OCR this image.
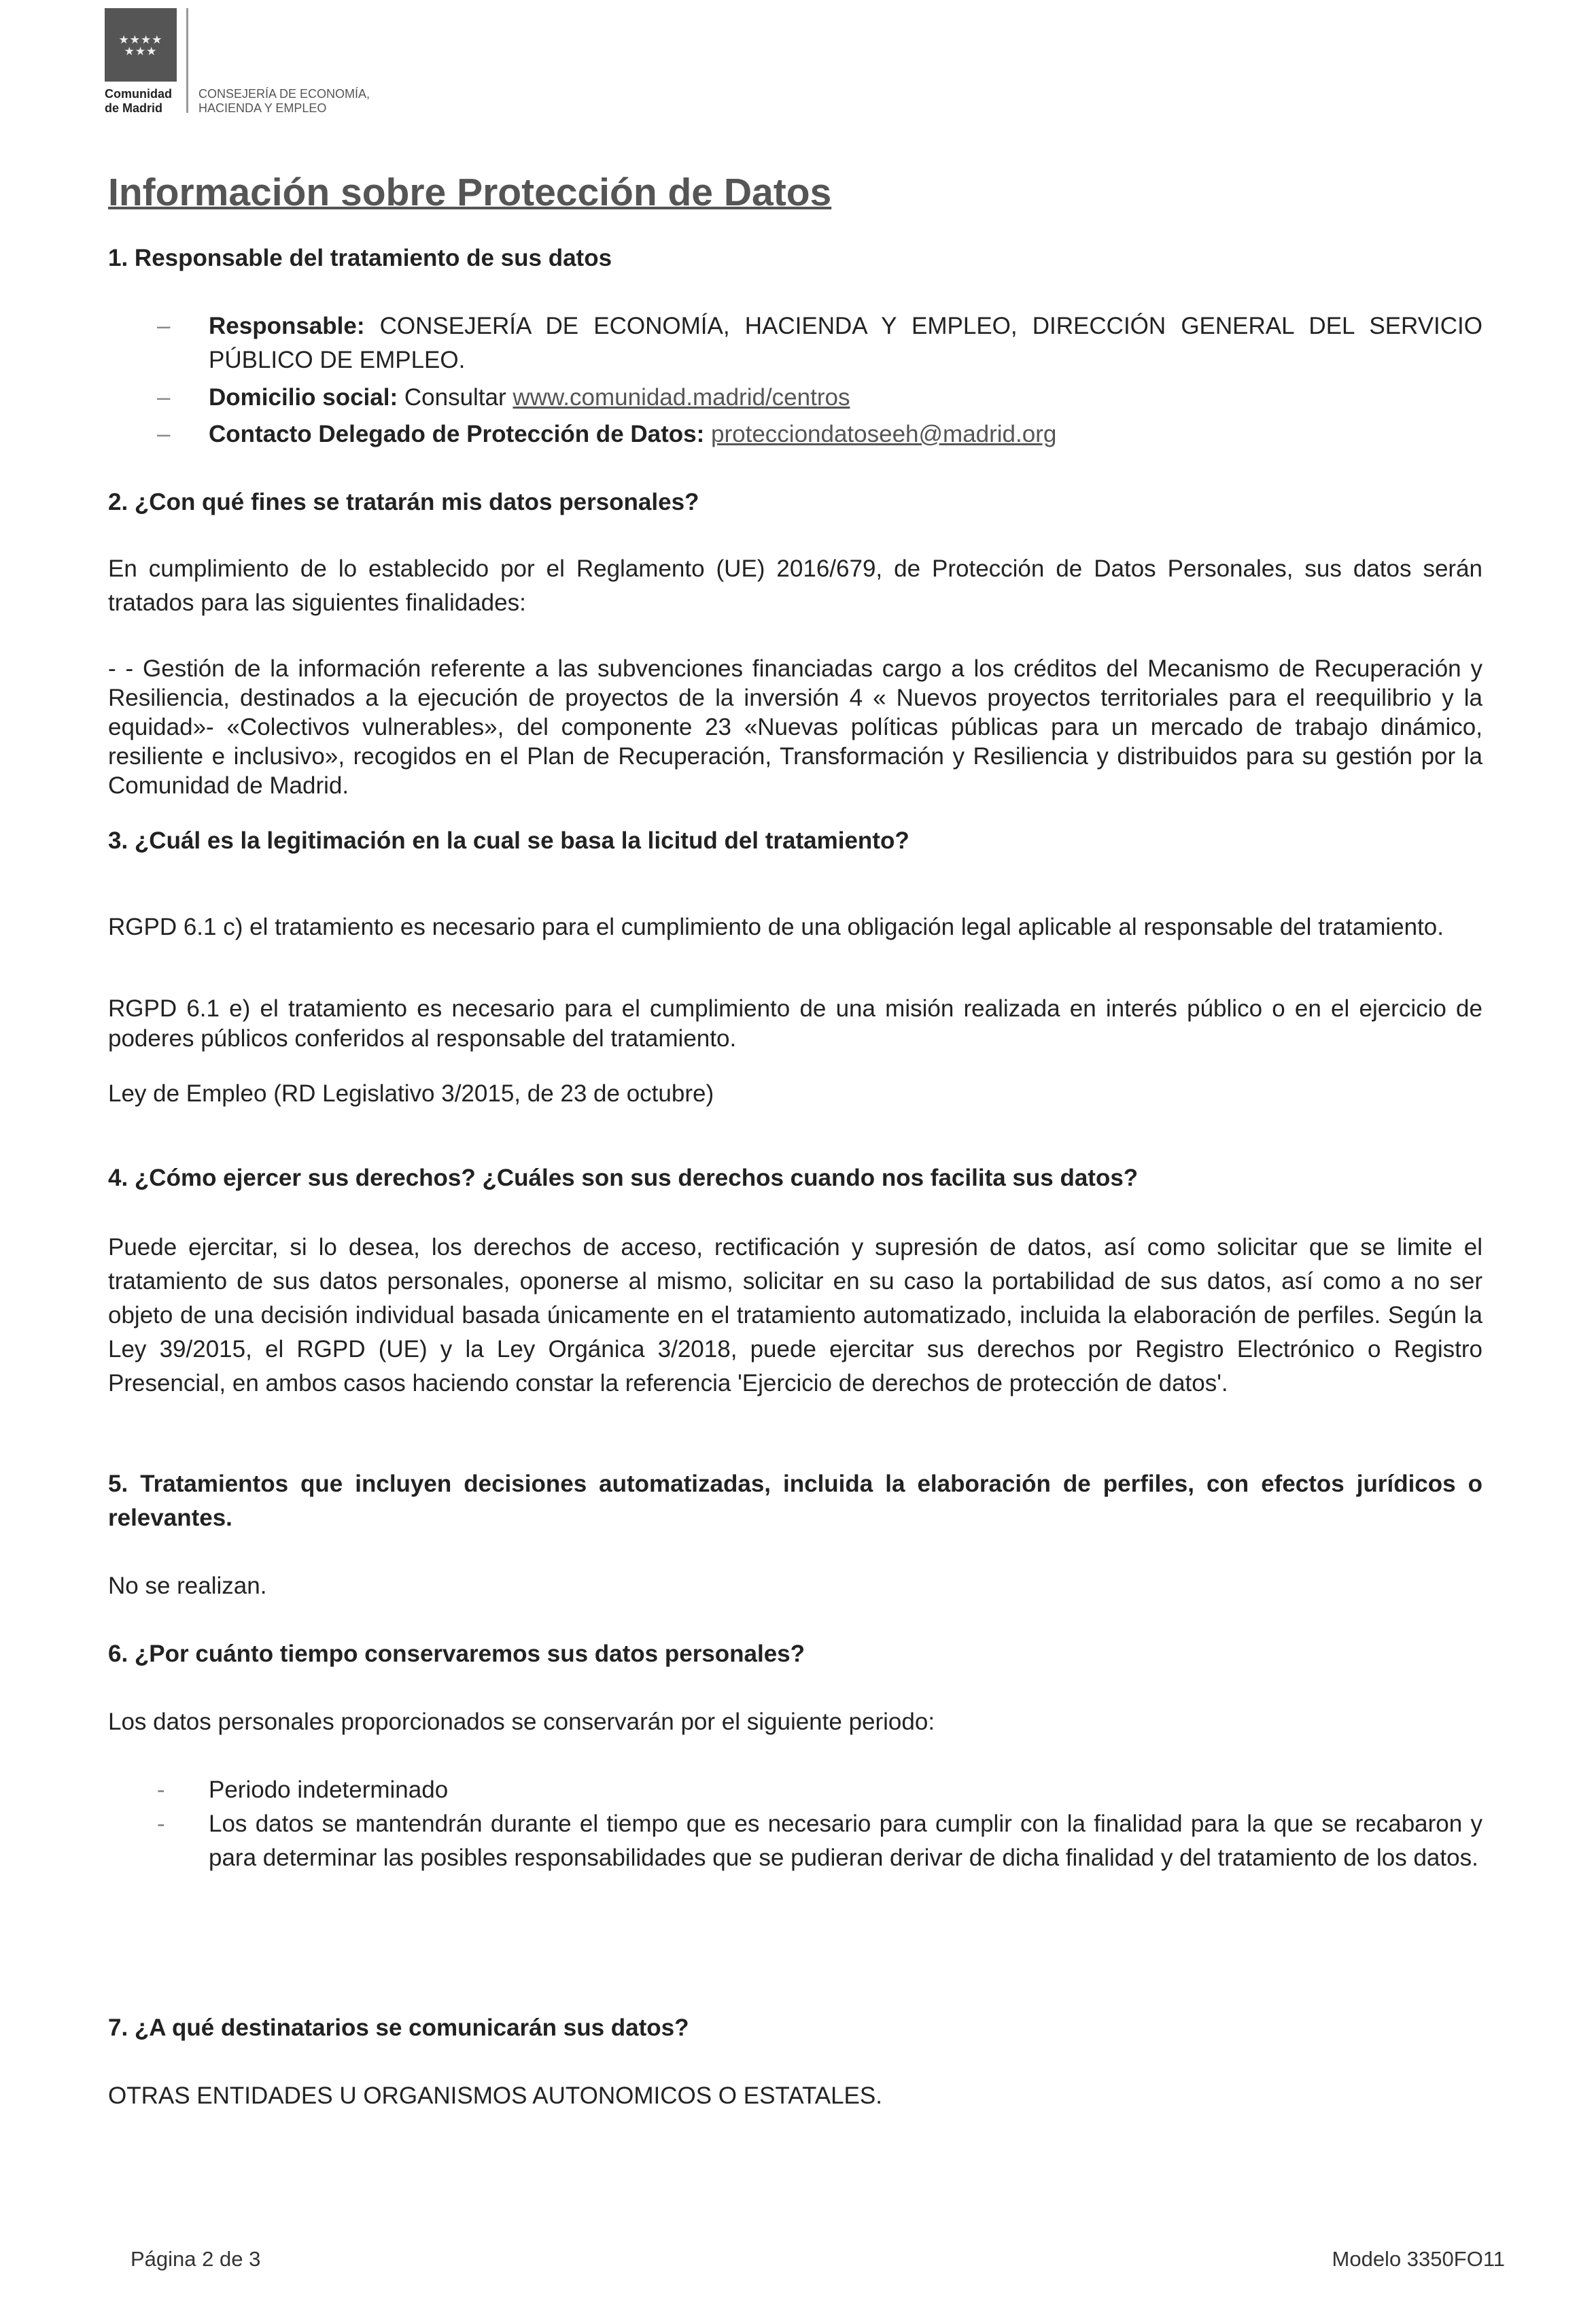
★★★★
★★★
Comunidad
de Madrid
CONSEJERÍA DE ECONOMÍA,
HACIENDA Y EMPLEO
Información sobre Protección de Datos
1. Responsable del tratamiento de sus datos
– Responsable: CONSEJERÍA DE ECONOMÍA, HACIENDA Y EMPLEO, DIRECCIÓN GENERAL DEL SERVICIO PÚBLICO DE EMPLEO.
– Domicilio social: Consultar www.comunidad.madrid/centros
– Contacto Delegado de Protección de Datos: protecciondatoseeh@madrid.org
2. ¿Con qué fines se tratarán mis datos personales?
En cumplimiento de lo establecido por el Reglamento (UE) 2016/679, de Protección de Datos Personales, sus datos serán tratados para las siguientes finalidades:
- - Gestión de la información referente a las subvenciones financiadas cargo a los créditos del Mecanismo de Recuperación y Resiliencia, destinados a la ejecución de proyectos de la inversión 4 « Nuevos proyectos territoriales para el reequilibrio y la equidad»- «Colectivos vulnerables», del componente 23 «Nuevas políticas públicas para un mercado de trabajo dinámico, resiliente e inclusivo», recogidos en el Plan de Recuperación, Transformación y Resiliencia y distribuidos para su gestión por la Comunidad de Madrid.
3. ¿Cuál es la legitimación en la cual se basa la licitud del tratamiento?
RGPD 6.1 c) el tratamiento es necesario para el cumplimiento de una obligación legal aplicable al responsable del tratamiento.
RGPD 6.1 e) el tratamiento es necesario para el cumplimiento de una misión realizada en interés público o en el ejercicio de poderes públicos conferidos al responsable del tratamiento.
Ley de Empleo (RD Legislativo 3/2015, de 23 de octubre)
4. ¿Cómo ejercer sus derechos? ¿Cuáles son sus derechos cuando nos facilita sus datos?
Puede ejercitar, si lo desea, los derechos de acceso, rectificación y supresión de datos, así como solicitar que se limite el tratamiento de sus datos personales, oponerse al mismo, solicitar en su caso la portabilidad de sus datos, así como a no ser objeto de una decisión individual basada únicamente en el tratamiento automatizado, incluida la elaboración de perfiles. Según la Ley 39/2015, el RGPD (UE) y la Ley Orgánica 3/2018, puede ejercitar sus derechos por Registro Electrónico o Registro Presencial, en ambos casos haciendo constar la referencia 'Ejercicio de derechos de protección de datos'.
5. Tratamientos que incluyen decisiones automatizadas, incluida la elaboración de perfiles, con efectos jurídicos o relevantes.
No se realizan.
6. ¿Por cuánto tiempo conservaremos sus datos personales?
Los datos personales proporcionados se conservarán por el siguiente periodo:
- Periodo indeterminado
- Los datos se mantendrán durante el tiempo que es necesario para cumplir con la finalidad para la que se recabaron y para determinar las posibles responsabilidades que se pudieran derivar de dicha finalidad y del tratamiento de los datos.
7. ¿A qué destinatarios se comunicarán sus datos?
OTRAS ENTIDADES U ORGANISMOS AUTONOMICOS O ESTATALES.
Página 2 de 3	Modelo 3350FO11
